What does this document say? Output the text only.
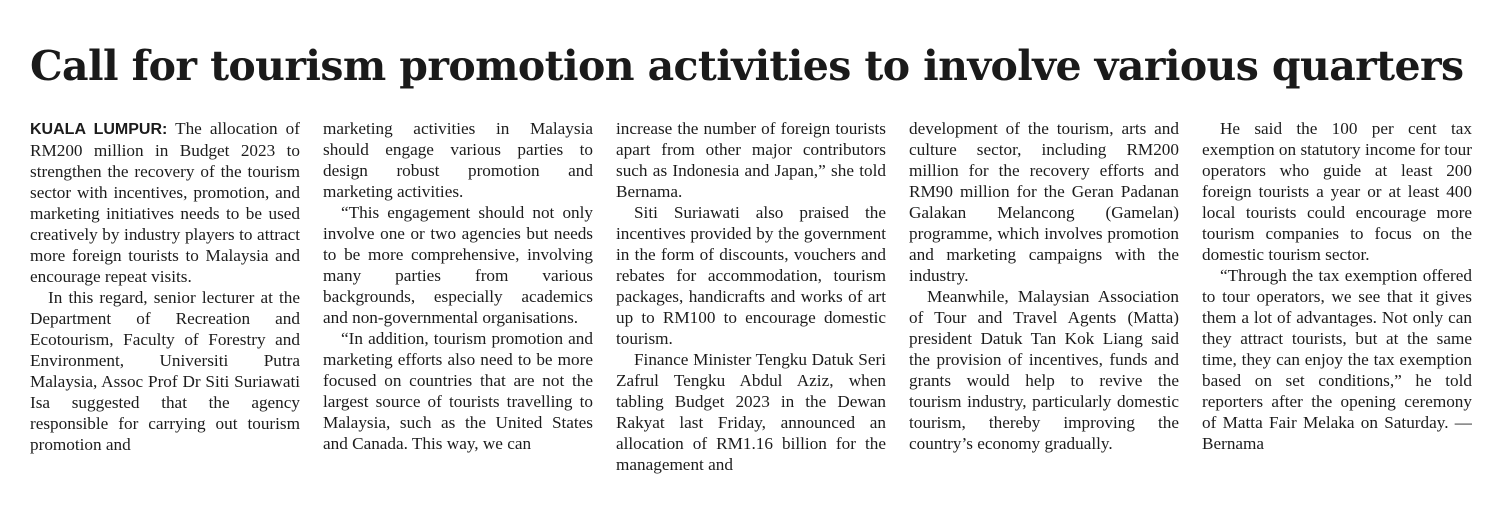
Call for tourism promotion activities to involve various quarters

KUALA LUMPUR: The allocation of RM200 million in Budget 2023 to strengthen the recovery of the tourism sector with incentives, promotion, and marketing initiatives needs to be used creatively by industry players to attract more foreign tourists to Malaysia and encourage repeat visits.

In this regard, senior lecturer at the Department of Recreation and Ecotourism, Faculty of Forestry and Environment, Universiti Putra Malaysia, Assoc Prof Dr Siti Suriawati Isa suggested that the agency responsible for carrying out tourism promotion and

marketing activities in Malaysia should engage various parties to design robust promotion and marketing activities.

“This engagement should not only involve one or two agencies but needs to be more comprehensive, involving many parties from various backgrounds, especially academics and non-governmental organisations.

“In addition, tourism promotion and marketing efforts also need to be more focused on countries that are not the largest source of tourists travelling to Malaysia, such as the United States and Canada. This way, we can

increase the number of foreign tourists apart from other major contributors such as Indonesia and Japan,” she told Bernama.

Siti Suriawati also praised the incentives provided by the government in the form of discounts, vouchers and rebates for accommodation, tourism packages, handicrafts and works of art up to RM100 to encourage domestic tourism.

Finance Minister Tengku Datuk Seri Zafrul Tengku Abdul Aziz, when tabling Budget 2023 in the Dewan Rakyat last Friday, announced an allocation of RM1.16 billion for the management and

development of the tourism, arts and culture sector, including RM200 million for the recovery efforts and RM90 million for the Geran Padanan Galakan Melancong (Gamelan) programme, which involves promotion and marketing campaigns with the industry.

Meanwhile, Malaysian Association of Tour and Travel Agents (Matta) president Datuk Tan Kok Liang said the provision of incentives, funds and grants would help to revive the tourism industry, particularly domestic tourism, thereby improving the country’s economy gradually.

He said the 100 per cent tax exemption on statutory income for tour operators who guide at least 200 foreign tourists a year or at least 400 local tourists could encourage more tourism companies to focus on the domestic tourism sector.

“Through the tax exemption offered to tour operators, we see that it gives them a lot of advantages. Not only can they attract tourists, but at the same time, they can enjoy the tax exemption based on set conditions,” he told reporters after the opening ceremony of Matta Fair Melaka on Saturday. — Bernama
